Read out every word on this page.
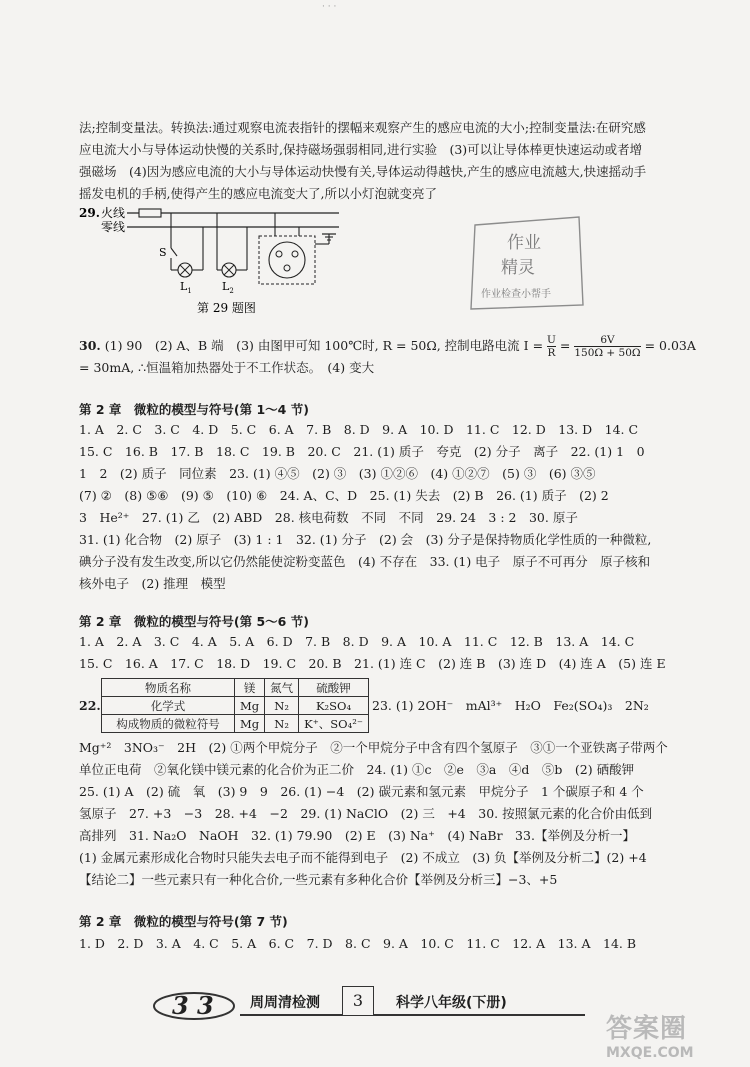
· · ·
法;控制变量法。转换法:通过观察电流表指针的摆幅来观察产生的感应电流的大小;控制变量法:在研究感
应电流大小与导体运动快慢的关系时,保持磁场强弱相同,进行实验　(3)可以让导体棒更快速运动或者增
强磁场　(4)因为感应电流的大小与导体运动快慢有关,导体运动得越快,产生的感应电流越大,快速摇动手
摇发电机的手柄,使得产生的感应电流变大了,所以小灯泡就变亮了
29. 火线
零线
S
$L_1$	$L_2$
第 29 题图
作业
精灵
作业检查小帮手
30. (1) 90　(2) A、B 端　(3) 由图甲可知 100℃时, R = 50Ω, 控制电路电流 $I = \frac{U}{R} = \frac{6V}{150\Omega + 50\Omega} = 0.03A$
= 30mA, ∴恒温箱加热器处于不工作状态。　(4) 变大
第 2 章　微粒的模型与符号(第 1～4 节)
1. A　2. C　3. C　4. D　5. C　6. A　7. B　8. D　9. A　10. D　11. C　12. D　13. D　14. C
15. C　16. B　17. B　18. C　19. B　20. C　21. (1) 质子　夸克　(2) 分子　离子　22. (1) 1　0
1　2　(2) 质子　同位素　23. (1) ④⑤　(2) ③　(3) ①②⑥　(4) ①②⑦　(5) ③　(6) ③⑤
(7) ②　(8) ⑤⑥　(9) ⑤　(10) ⑥　24. A、C、D　25. (1) 失去　(2) B　26. (1) 质子　(2) 2
3　He²⁺　27. (1) 乙　(2) ABD　28. 核电荷数　不同　不同　29. 24　3 : 2　30. 原子
31. (1) 化合物　(2) 原子　(3) 1 : 1　32. (1) 分子　(2) 会　(3) 分子是保持物质化学性质的一种微粒,
碘分子没有发生改变,所以它仍然能使淀粉变蓝色　(4) 不存在　33. (1) 电子　原子不可再分　原子核和
核外电子　(2) 推理　模型
第 2 章　微粒的模型与符号(第 5～6 节)
1. A　2. A　3. C　4. A　5. A　6. D　7. B　8. D　9. A　10. A　11. C　12. B　13. A　14. C
15. C　16. A　17. C　18. D　19. C　20. B　21. (1) 连 C　(2) 连 B　(3) 连 D　(4) 连 A　(5) 连 E
22.
物质名称	镁	氮气	硫酸钾
化学式	Mg	N₂	K₂SO₄
构成物质的微粒符号	Mg	N₂	K⁺、SO₄²⁻
23. (1) 2OH⁻　mAl³⁺　H₂O　Fe₂(SO₄)₃　2N₂
Mg⁺²　3NO₃⁻　2H　(2) ①两个甲烷分子　②一个甲烷分子中含有四个氢原子　③①一个亚铁离子带两个
单位正电荷　②氧化镁中镁元素的化合价为正二价　24. (1) ①c　②e　③a　④d　⑤b　(2) 硒酸钾
25. (1) A　(2) 硫　氧　(3) 9　9　26. (1) −4　(2) 碳元素和氢元素　甲烷分子　1 个碳原子和 4 个
氢原子　27. +3　−3　28. +4　−2　29. (1) NaClO　(2) 三　+4　30. 按照氯元素的化合价由低到
高排列　31. Na₂O　NaOH　32. (1) 79.90　(2) E　(3) Na⁺　(4) NaBr　33.【举例及分析一】
(1) 金属元素形成化合物时只能失去电子而不能得到电子　(2) 不成立　(3) 负【举例及分析二】(2) +4
【结论二】一些元素只有一种化合价,一些元素有多种化合价【举例及分析三】−3、+5
第 2 章　微粒的模型与符号(第 7 节)
1. D　2. D　3. A　4. C　5. A　6. C　7. D　8. C　9. A　10. C　11. C　12. A　13. A　14. B
3 3	周周清检测	3	科学八年级(下册)
答案圈
MXQE.COM
